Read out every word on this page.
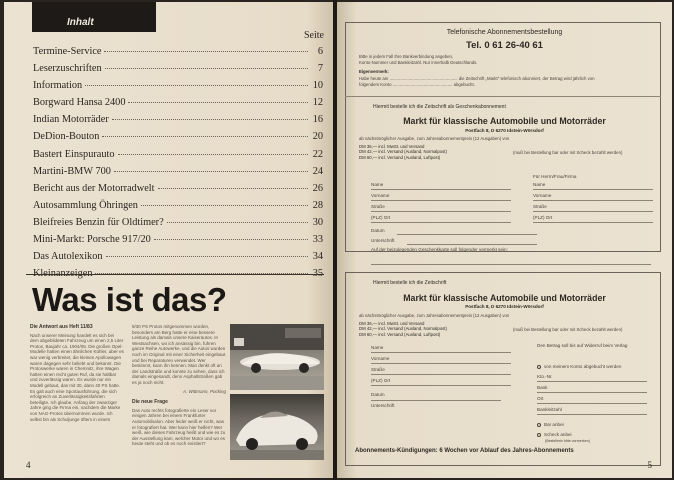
Inhalt
Seite
Termine-Service	6
Leserzuschriften	7
Information	10
Borgward Hansa 2400	12
Indian Motorräder	16
DeDion-Bouton	20
Bastert Einspurauto	22
Martini-BMW 700	24
Bericht aus der Motorradwelt	26
Autosammlung Öhringen	28
Bleifreies Benzin für Oldtimer?	30
Mini-Markt: Porsche 917/20	33
Das Autolexikon	34
Kleinanzeigen	35
Was ist das?
Die Antwort aus Heft 11/83
Nach unserer Meinung handelt es sich bei dem abgebildeten Fahrzeug um einen 2,5 Liter Protos, Baujahr ca. 1904/05. Die großen Opel-Modelle hatten einen ähnlichen Kühler, aber es war wenig verbreitet, die kleinen Apollowagen waren dagegen sehr beliebt und bekannt. Die Protoswerke waren in Chemnitz, ihre Wagen hatten einen recht guten Ruf, da sie haltbar und zuverlässig waren. Es wurde nur ein Modell gebaut, das mit 30, dann 40 PS hatte. Es galt auch eine Sportausführung, die sich erfolgreich an Zuverlässigkeitsfahrten beteiligte. Ich glaube, Anfang der zwanziger Jahre ging die Firma ein, nachdem die Marke von NAG-Protos übernommen wurde. Ich selbst bin als Schuljunge öfters in einem
9/30 PS Protos mitgenommen worden, besonders am Berg hatte er eine bessere Leistung als damals unsere Kaiserautos. In Westsachsen, wo ich ansässig bin, fuhren ganze Reihe Autowerke, und die Autos wurden noch im Original mit einer Sicherheit eingebaut und bei Reparaturen verwendet. Wer bestimmt, kann ihn kennen. Man denkt oft an der Landstraße und konnte zu sehen, dass ich damals eingesandt, denn Asphaltstraßen gab es ja noch nicht.
A. Wittmann, Pocking
Die neue Frage
Das Auto rechts fotografierte ein Leser vor einigen Jahren bei einem Frankfurter Automobilsalon. Aber leider weiß er nicht, was er fotografiert hat. Wer kann hier helfen? Wer weiß, wie dieses Fahrzeug heißt und wie es zu der Ausstellung kam, welcher Motor und wo es heute steht und ob es noch existiert?
4
Telefonische Abonnementsbestellung
Tel. 0 61 26-40 61
Bitte in jedem Fall Ihre Bankverbindung angeben,
Konto-Nummer und Bankleitzahl. Nur innerhalb Deutschlands.
Eigenvermerk:
Habe heute am ......................................................... die Zeitschrift „Markt" telefonisch abonniert, der Betrag wird jährlich von
folgendem Konto .................................................. abgebucht.
Hiermit bestelle ich die Zeitschrift als Geschenkabonnement
Markt für klassische Automobile und Motorräder
Postfach 8, D 6270 Idstein-Wörsdorf
ab nächstmöglicher Ausgabe, zum Jahresabonnementpreis (12 Ausgaben) von
DM 36,— incl. MwSt. und Versand
DM 42,— incl. Versand (Ausland, Normalpost)
DM 60,— incl. Versand (Ausland, Luftpost)
(muß bei Bestellung bar oder mit Scheck bezahlt werden)
Für Herrn/Frau/Firma
Name
Vorname
Straße
(PLZ) Ort
Name
Vorname
Straße
(PLZ) Ort
Datum
Unterschrift
Auf der beizulegenden Geschenkkarte soll folgender vermerkt sein:
Hiermit bestelle ich die Zeitschrift
Markt für klassische Automobile und Motorräder
Postfach 8, D 6270 Idstein-Wörsdorf
ab nächstmöglicher Ausgabe, zum Jahresabonnementpreis (12 Ausgaben) von
DM 36,— incl. MwSt. und Versand
DM 42,— incl. Versand (Ausland, Normalpost)
DM 60,— incl. Versand (Ausland, Luftpost)
(muß bei Bestellung bar oder mit Scheck bezahlt werden)
Name
Vorname
Straße
(PLZ) Ort
Datum
Unterschrift
Den Betrag soll bis auf Widerruf beim Verlag
von meinem Konto abgebucht werden
Kto.-Nr.
Bank
Ort
Bankleitzahl
Bar anbei
Scheck anbei
(Bestellerin bitte vormerken)
Abonnements-Kündigungen: 6 Wochen vor Ablauf des Jahres-Abonnements
5
